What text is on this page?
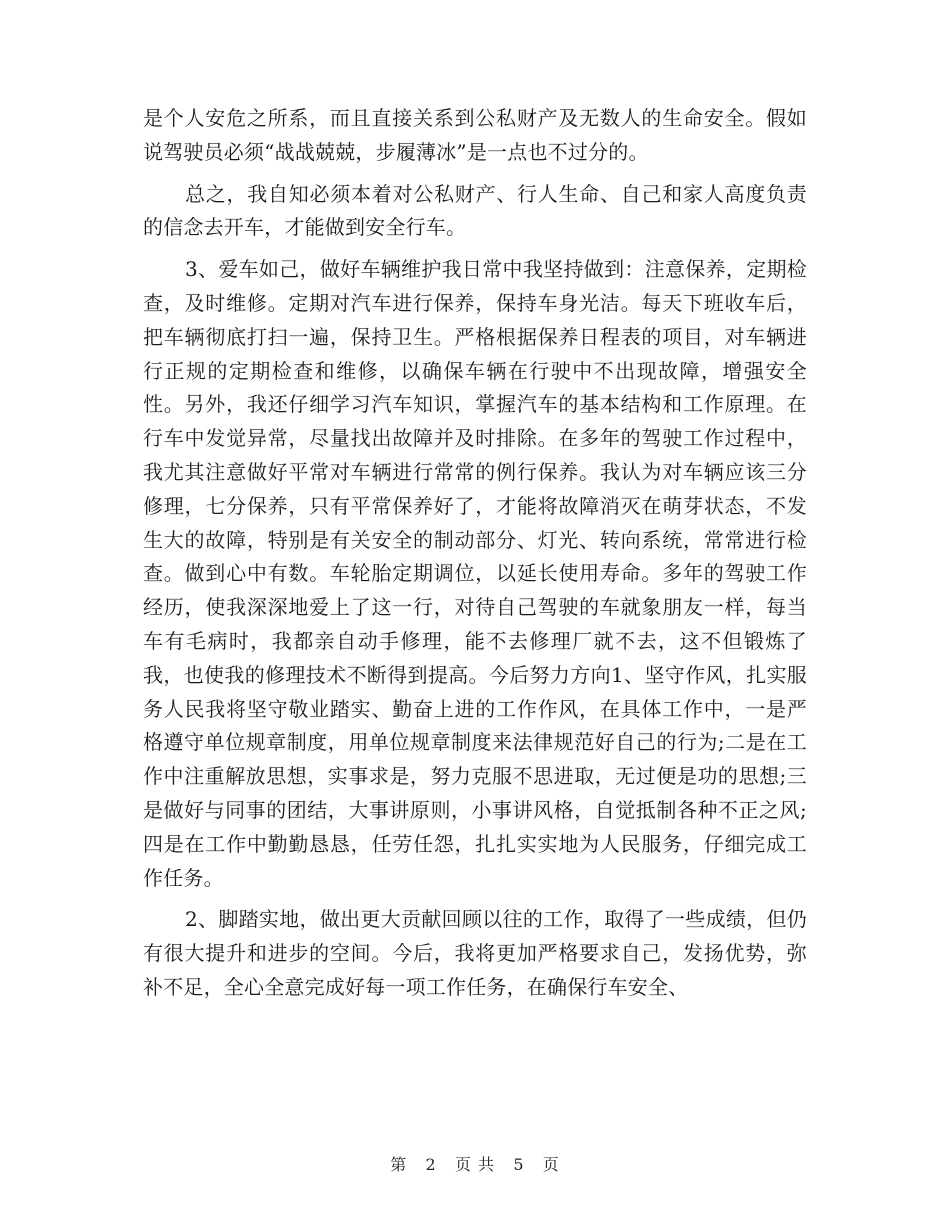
是个人安危之所系，而且直接关系到公私财产及无数人的生命安全。假如说驾驶员必须“战战兢兢，步履薄冰”是一点也不过分的。

总之，我自知必须本着对公私财产、行人生命、自己和家人高度负责的信念去开车，才能做到安全行车。

3、爱车如己，做好车辆维护我日常中我坚持做到：注意保养，定期检查，及时维修。定期对汽车进行保养，保持车身光洁。每天下班收车后，把车辆彻底打扫一遍，保持卫生。严格根据保养日程表的项目，对车辆进行正规的定期检查和维修，以确保车辆在行驶中不出现故障，增强安全性。另外，我还仔细学习汽车知识，掌握汽车的基本结构和工作原理。在行车中发觉异常，尽量找出故障并及时排除。在多年的驾驶工作过程中，我尤其注意做好平常对车辆进行常常的例行保养。我认为对车辆应该三分修理，七分保养，只有平常保养好了，才能将故障消灭在萌芽状态，不发生大的故障，特别是有关安全的制动部分、灯光、转向系统，常常进行检查。做到心中有数。车轮胎定期调位，以延长使用寿命。多年的驾驶工作经历，使我深深地爱上了这一行，对待自己驾驶的车就象朋友一样，每当车有毛病时，我都亲自动手修理，能不去修理厂就不去，这不但锻炼了我，也使我的修理技术不断得到提高。今后努力方向1、坚守作风，扎实服务人民我将坚守敬业踏实、勤奋上进的工作作风，在具体工作中，一是严格遵守单位规章制度，用单位规章制度来法律规范好自己的行为;二是在工作中注重解放思想，实事求是，努力克服不思进取，无过便是功的思想;三是做好与同事的团结，大事讲原则，小事讲风格，自觉抵制各种不正之风;四是在工作中勤勤恳恳，任劳任怨，扎扎实实地为人民服务，仔细完成工作任务。

2、脚踏实地，做出更大贡献回顾以往的工作，取得了一些成绩，但仍有很大提升和进步的空间。今后，我将更加严格要求自己，发扬优势，弥补不足，全心全意完成好每一项工作任务，在确保行车安全、

第 2 页 共 5 页
